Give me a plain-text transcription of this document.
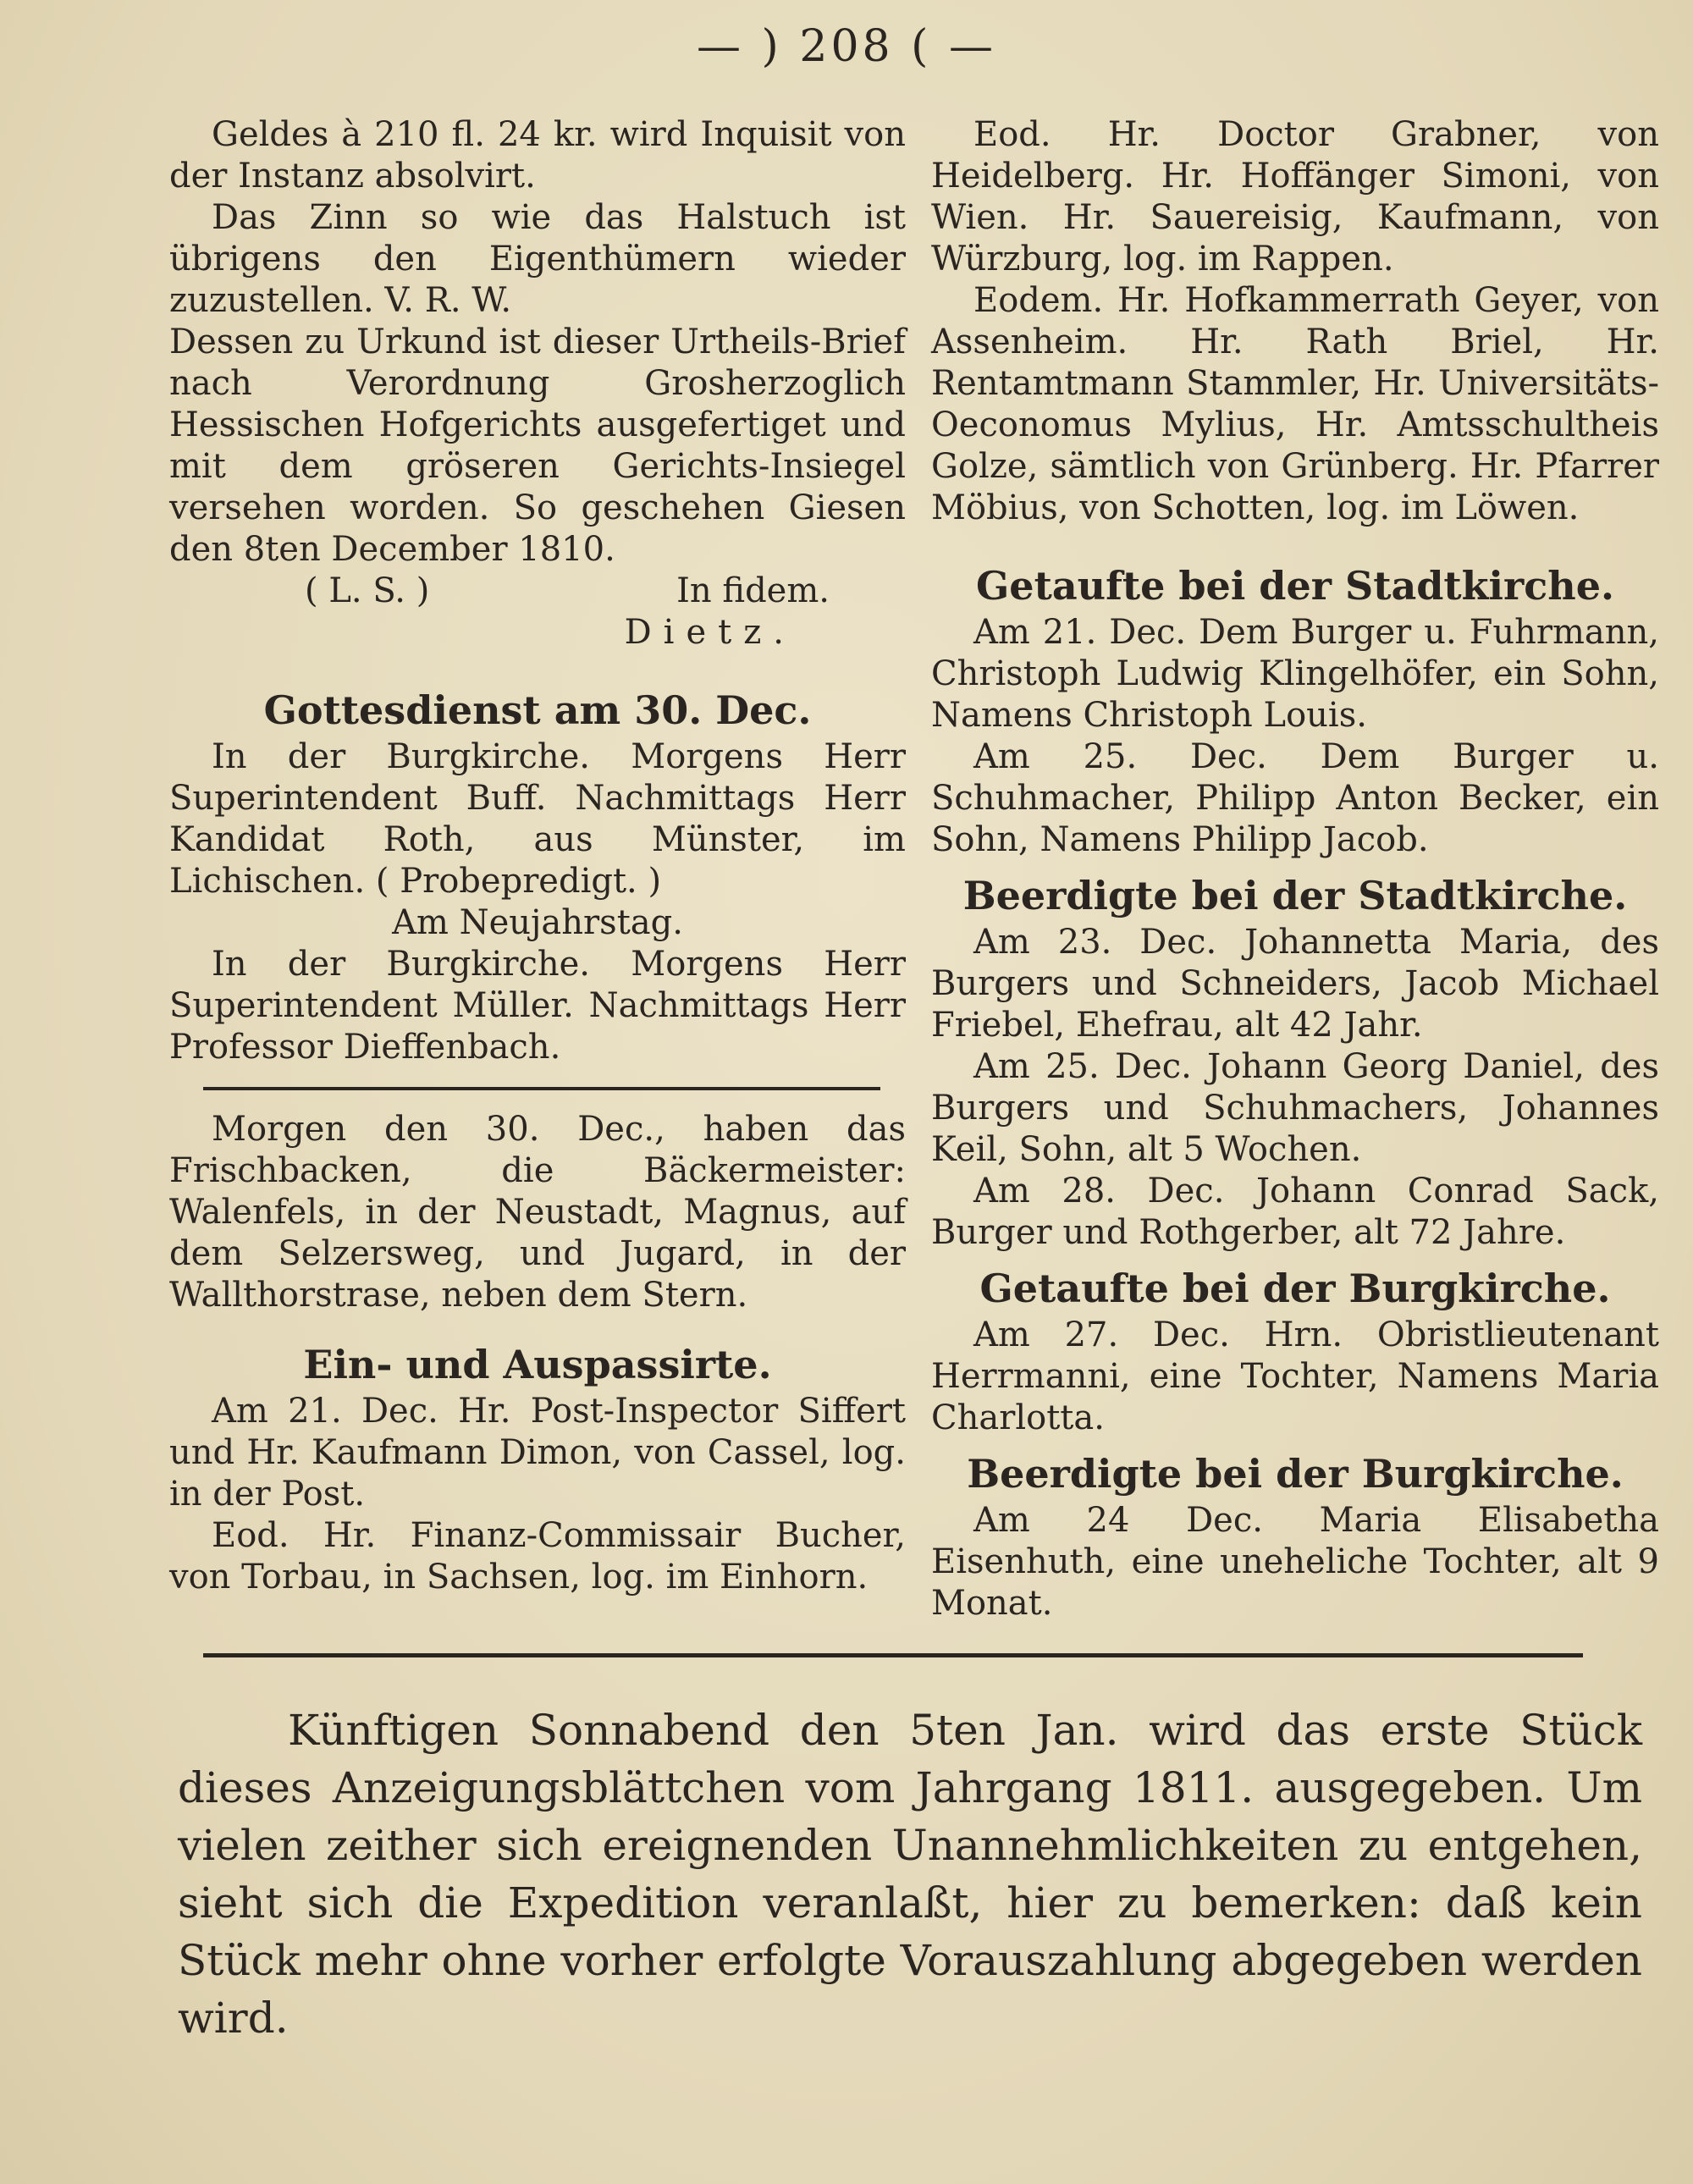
— ) 208 ( —

Geldes à 210 fl. 24 kr. wird Inquisit von der Instanz absolvirt.

Das Zinn so wie das Halstuch ist übrigens den Eigenthümern wieder zuzustellen. V. R. W.

Dessen zu Urkund ist dieser Urtheils-Brief nach Verordnung Grosherzoglich Hessischen Hofgerichts ausgefertiget und mit dem gröseren Gerichts-Insiegel versehen worden. So geschehen Giesen den 8ten December 1810.

( L. S. )	In fidem.

Dietz.

Gottesdienst am 30. Dec.

In der Burgkirche. Morgens Herr Superintendent Buff. Nachmittags Herr Kandidat Roth, aus Münster, im Lichischen. ( Probepredigt. )

Am Neujahrstag.

In der Burgkirche. Morgens Herr Superintendent Müller. Nachmittags Herr Professor Dieffenbach.

Morgen den 30. Dec., haben das Frischbacken, die Bäckermeister: Walenfels, in der Neustadt, Magnus, auf dem Selzersweg, und Jugard, in der Wallthorstrase, neben dem Stern.

Ein- und Auspassirte.

Am 21. Dec. Hr. Post-Inspector Siffert und Hr. Kaufmann Dimon, von Cassel, log. in der Post.

Eod. Hr. Finanz-Commissair Bucher, von Torbau, in Sachsen, log. im Einhorn.

Eod. Hr. Doctor Grabner, von Heidelberg. Hr. Hoffänger Simoni, von Wien. Hr. Sauereisig, Kaufmann, von Würzburg, log. im Rappen.

Eodem. Hr. Hofkammerrath Geyer, von Assenheim. Hr. Rath Briel, Hr. Rentamtmann Stammler, Hr. Universitäts-Oeconomus Mylius, Hr. Amtsschultheis Golze, sämtlich von Grünberg. Hr. Pfarrer Möbius, von Schotten, log. im Löwen.

Getaufte bei der Stadtkirche.

Am 21. Dec. Dem Burger u. Fuhrmann, Christoph Ludwig Klingelhöfer, ein Sohn, Namens Christoph Louis.

Am 25. Dec. Dem Burger u. Schuhmacher, Philipp Anton Becker, ein Sohn, Namens Philipp Jacob.

Beerdigte bei der Stadtkirche.

Am 23. Dec. Johannetta Maria, des Burgers und Schneiders, Jacob Michael Friebel, Ehefrau, alt 42 Jahr.

Am 25. Dec. Johann Georg Daniel, des Burgers und Schuhmachers, Johannes Keil, Sohn, alt 5 Wochen.

Am 28. Dec. Johann Conrad Sack, Burger und Rothgerber, alt 72 Jahre.

Getaufte bei der Burgkirche.

Am 27. Dec. Hrn. Obristlieutenant Herrmanni, eine Tochter, Namens Maria Charlotta.

Beerdigte bei der Burgkirche.

Am 24 Dec. Maria Elisabetha Eisenhuth, eine uneheliche Tochter, alt 9 Monat.

Künftigen Sonnabend den 5ten Jan. wird das erste Stück dieses Anzeigungsblättchen vom Jahrgang 1811. ausgegeben. Um vielen zeither sich ereignenden Unannehmlichkeiten zu entgehen, sieht sich die Expedition veranlaßt, hier zu bemerken: daß kein Stück mehr ohne vorher erfolgte Vorauszahlung abgegeben werden wird.
